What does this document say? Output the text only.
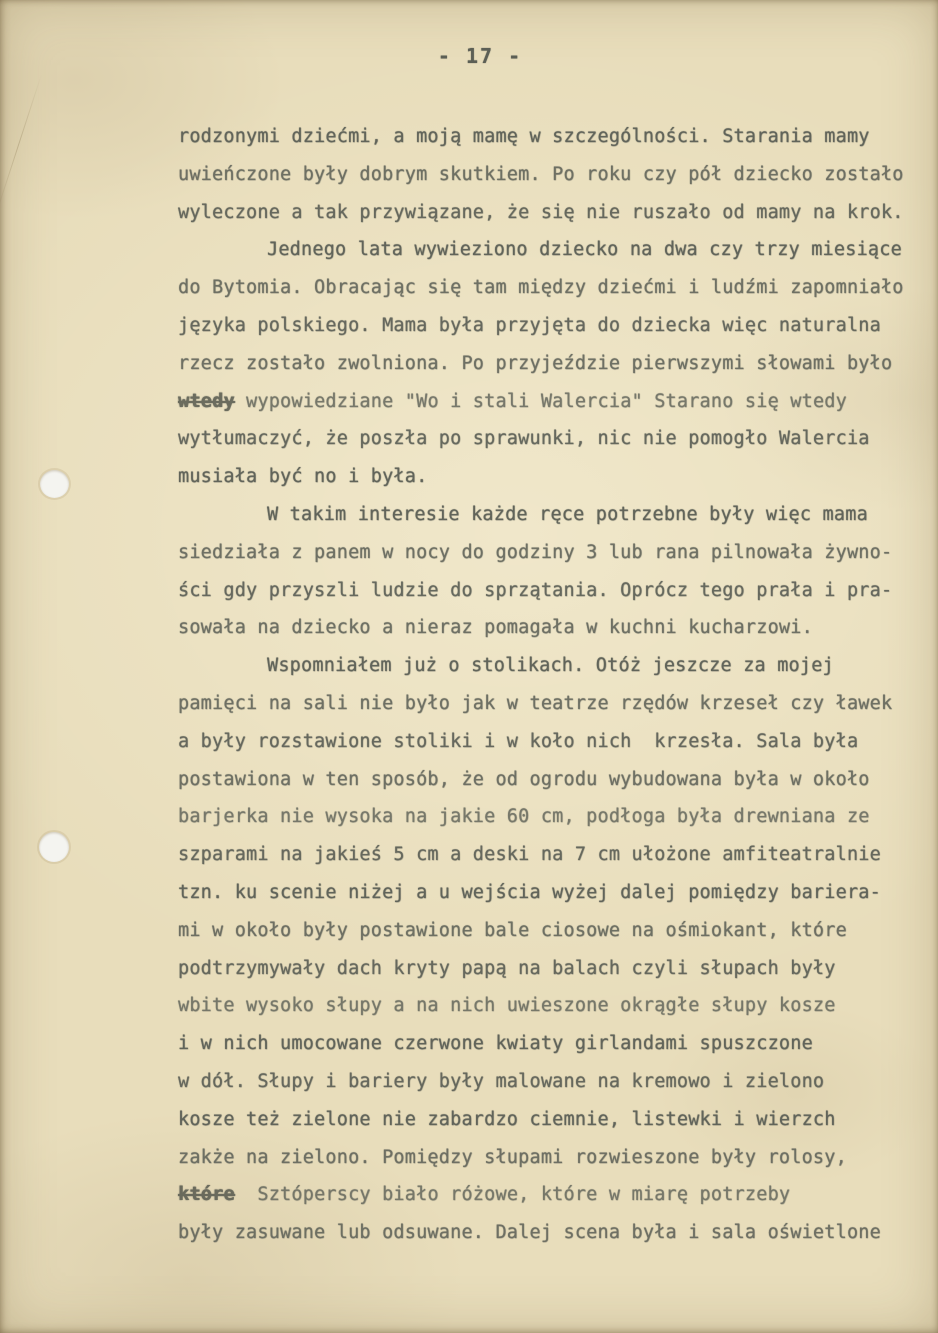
- 17 -
rodzonymi dziećmi, a moją mamę w szczególności. Starania mamy
uwieńczone były dobrym skutkiem. Po roku czy pół dziecko zostało
wyleczone a tak przywiązane, że się nie ruszało od mamy na krok.
Jednego lata wywieziono dziecko na dwa czy trzy miesiące
do Bytomia. Obracając się tam między dziećmi i ludźmi zapomniało
języka polskiego. Mama była przyjęta do dziecka więc naturalna
rzecz zostało zwolniona. Po przyjeździe pierwszymi słowami było
wtedy wypowiedziane "Wo i stali Walercia" Starano się wtedy
wytłumaczyć, że poszła po sprawunki, nic nie pomogło Walercia
musiała być no i była.
W takim interesie każde ręce potrzebne były więc mama
siedziała z panem w nocy do godziny 3 lub rana pilnowała żywno-
ści gdy przyszli ludzie do sprzątania. Oprócz tego prała i pra-
sowała na dziecko a nieraz pomagała w kuchni kucharzowi.
Wspomniałem już o stolikach. Otóż jeszcze za mojej
pamięci na sali nie było jak w teatrze rzędów krzeseł czy ławek
a były rozstawione stoliki i w koło nich  krzesła. Sala była
postawiona w ten sposób, że od ogrodu wybudowana była w około
barjerka nie wysoka na jakie 60 cm, podłoga była drewniana ze
szparami na jakieś 5 cm a deski na 7 cm ułożone amfiteatralnie
tzn. ku scenie niżej a u wejścia wyżej dalej pomiędzy bariera-
mi w około były postawione bale ciosowe na ośmiokant, które
podtrzymywały dach kryty papą na balach czyli słupach były
wbite wysoko słupy a na nich uwieszone okrągłe słupy kosze
i w nich umocowane czerwone kwiaty girlandami spuszczone
w dół. Słupy i bariery były malowane na kremowo i zielono
kosze też zielone nie zabardzo ciemnie, listewki i wierzch
zakże na zielono. Pomiędzy słupami rozwieszone były rolosy,
które  Sztóperscy biało różowe, które w miarę potrzeby
były zasuwane lub odsuwane. Dalej scena była i sala oświetlone
